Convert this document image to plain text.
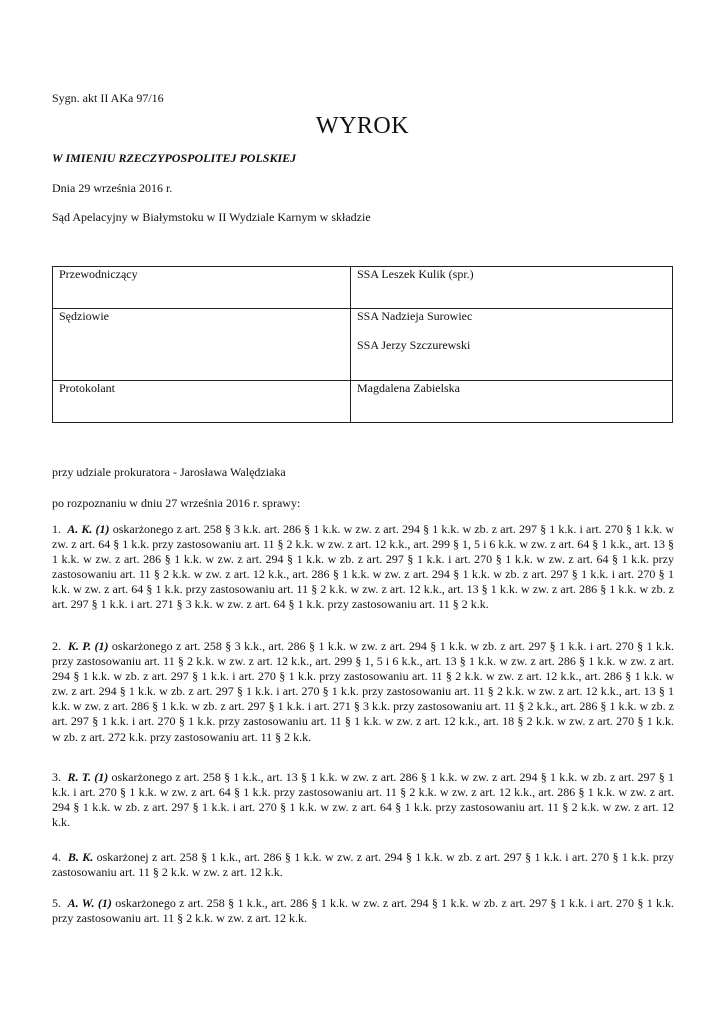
Sygn. akt II AKa 97/16
WYROK
W IMIENIU RZECZYPOSPOLITEJ POLSKIEJ
Dnia 29 września 2016 r.
Sąd Apelacyjny w Białymstoku w II Wydziale Karnym w składzie
Przewodniczący	SSA Leszek Kulik (spr.)
Sędziowie	SSA Nadzieja Surowiec
SSA Jerzy Szczurewski

Protokolant	Magdalena Zabielska
przy udziale prokuratora - Jarosława Walędziaka
po rozpoznaniu w dniu 27 września 2016 r. sprawy:
1. A. K. (1) oskarżonego z art. 258 § 3 k.k. art. 286 § 1 k.k. w zw. z art. 294 § 1 k.k. w zb. z art. 297 § 1 k.k. i art. 270 § 1 k.k. w zw. z art. 64 § 1 k.k. przy zastosowaniu art. 11 § 2 k.k. w zw. z art. 12 k.k., art. 299 § 1, 5 i 6 k.k. w zw. z art. 64 § 1 k.k., art. 13 § 1 k.k. w zw. z art. 286 § 1 k.k. w zw. z art. 294 § 1 k.k. w zb. z art. 297 § 1 k.k. i art. 270 § 1 k.k. w zw. z art. 64 § 1 k.k. przy zastosowaniu art. 11 § 2 k.k. w zw. z art. 12 k.k., art. 286 § 1 k.k. w zw. z art. 294 § 1 k.k. w zb. z art. 297 § 1 k.k. i art. 270 § 1 k.k. w zw. z art. 64 § 1 k.k. przy zastosowaniu art. 11 § 2 k.k. w zw. z art. 12 k.k., art. 13 § 1 k.k. w zw. z art. 286 § 1 k.k. w zb. z art. 297 § 1 k.k. i art. 271 § 3 k.k. w zw. z art. 64 § 1 k.k. przy zastosowaniu art. 11 § 2 k.k.
2. K. P. (1) oskarżonego z art. 258 § 3 k.k., art. 286 § 1 k.k. w zw. z art. 294 § 1 k.k. w zb. z art. 297 § 1 k.k. i art. 270 § 1 k.k. przy zastosowaniu art. 11 § 2 k.k. w zw. z art. 12 k.k., art. 299 § 1, 5 i 6 k.k., art. 13 § 1 k.k. w zw. z art. 286 § 1 k.k. w zw. z art. 294 § 1 k.k. w zb. z art. 297 § 1 k.k. i art. 270 § 1 k.k. przy zastosowaniu art. 11 § 2 k.k. w zw. z art. 12 k.k., art. 286 § 1 k.k. w zw. z art. 294 § 1 k.k. w zb. z art. 297 § 1 k.k. i art. 270 § 1 k.k. przy zastosowaniu art. 11 § 2 k.k. w zw. z art. 12 k.k., art. 13 § 1 k.k. w zw. z art. 286 § 1 k.k. w zb. z art. 297 § 1 k.k. i art. 271 § 3 k.k. przy zastosowaniu art. 11 § 2 k.k., art. 286 § 1 k.k. w zb. z art. 297 § 1 k.k. i art. 270 § 1 k.k. przy zastosowaniu art. 11 § 1 k.k. w zw. z art. 12 k.k., art. 18 § 2 k.k. w zw. z art. 270 § 1 k.k. w zb. z art. 272 k.k. przy zastosowaniu art. 11 § 2 k.k.
3. R. T. (1) oskarżonego z art. 258 § 1 k.k., art. 13 § 1 k.k. w zw. z art. 286 § 1 k.k. w zw. z art. 294 § 1 k.k. w zb. z art. 297 § 1 k.k. i art. 270 § 1 k.k. w zw. z art. 64 § 1 k.k. przy zastosowaniu art. 11 § 2 k.k. w zw. z art. 12 k.k., art. 286 § 1 k.k. w zw. z art. 294 § 1 k.k. w zb. z art. 297 § 1 k.k. i art. 270 § 1 k.k. w zw. z art. 64 § 1 k.k. przy zastosowaniu art. 11 § 2 k.k. w zw. z art. 12 k.k.
4. B. K. oskarżonej z art. 258 § 1 k.k., art. 286 § 1 k.k. w zw. z art. 294 § 1 k.k. w zb. z art. 297 § 1 k.k. i art. 270 § 1 k.k. przy zastosowaniu art. 11 § 2 k.k. w zw. z art. 12 k.k.
5. A. W. (1) oskarżonego z art. 258 § 1 k.k., art. 286 § 1 k.k. w zw. z art. 294 § 1 k.k. w zb. z art. 297 § 1 k.k. i art. 270 § 1 k.k. przy zastosowaniu art. 11 § 2 k.k. w zw. z art. 12 k.k.
